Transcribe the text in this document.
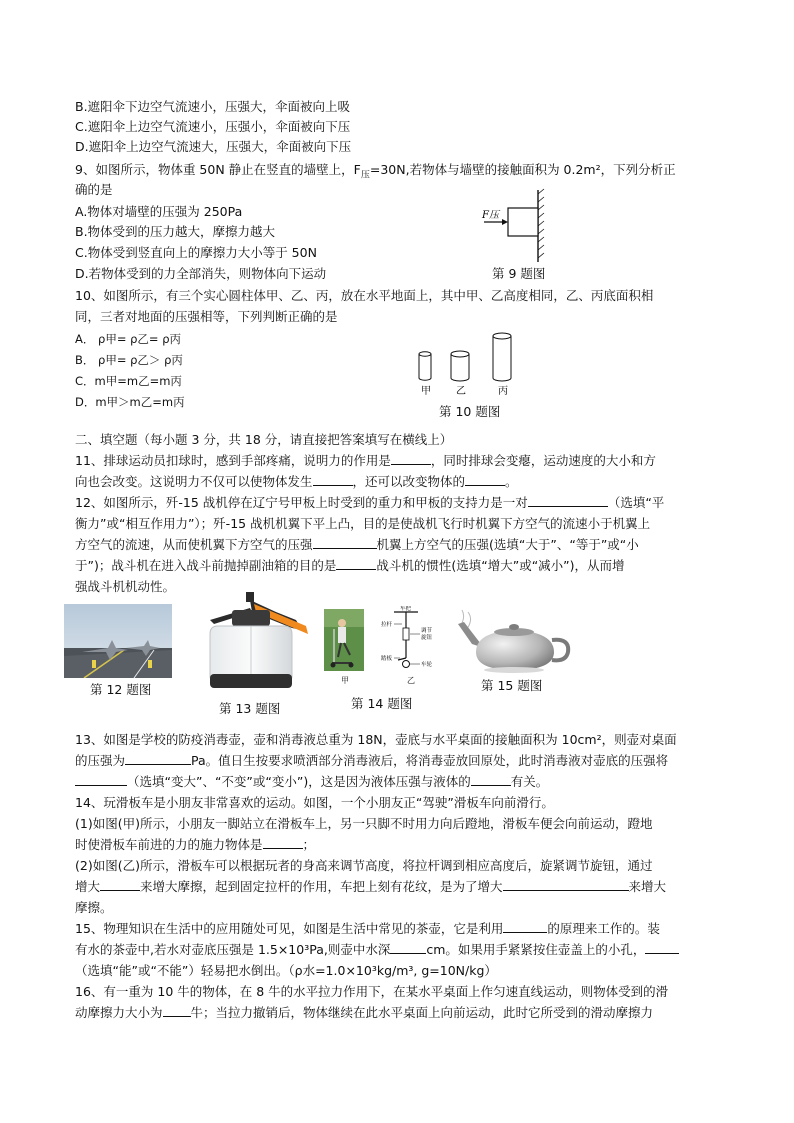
B.遮阳伞下边空气流速小，压强大，伞面被向上吸
C.遮阳伞上边空气流速小，压强小，伞面被向下压
D.遮阳伞上边空气流速大，压强大，伞面被向下压
9、如图所示，物体重 50N 静止在竖直的墙壁上，$F_压=30N$,若物体与墙壁的接触面积为 0.2m²，下列分析正
确的是
A.物体对墙壁的压强为 250Pa
B.物体受到的压力越大，摩擦力越大
C.物体受到竖直向上的摩擦力大小等于 50N
D.若物体受到的力全部消失，则物体向下运动
F压
第 9 题图
10、如图所示，有三个实心圆柱体甲、乙、丙，放在水平地面上，其中甲、乙高度相同，乙、丙底面积相
同，三者对地面的压强相等，下列判断正确的是
A． ρ甲= ρ乙= ρ丙
B． ρ甲= ρ乙＞ ρ丙
C．m甲=m乙=m丙
D．m甲＞m乙=m丙
甲	乙	丙
第 10 题图
二、填空题（每小题 3 分，共 18 分，请直接把答案填写在横线上）
11、排球运动员扣球时，感到手部疼痛，说明力的作用是	，同时排球会变瘪，运动速度的大小和方
向也会改变。这说明力不仅可以使物体发生	，还可以改变物体的	。
12、如图所示，歼-15 战机停在辽宁号甲板上时受到的重力和甲板的支持力是一对	（选填“平
衡力”或“相互作用力”）；歼-15 战机机翼下平上凸，目的是使战机飞行时机翼下方空气的流速小于机翼上
方空气的流速，从而使机翼下方空气的压强	机翼上方空气的压强(选填“大于”、“等于”或“小
于”)；战斗机在进入战斗前抛掉副油箱的目的是	战斗机的惯性(选填“增大”或“减小”)，从而增
强战斗机机动性。
第 12 题图
第 13 题图
甲
车把
拉杆
调节
旋钮
踏板
车轮
乙
第 14 题图
第 15 题图
13、如图是学校的防疫消毒壶，壶和消毒液总重为 18N，壶底与水平桌面的接触面积为 10cm²，则壶对桌面
的压强为	Pa。值日生按要求喷洒部分消毒液后，将消毒壶放回原处，此时消毒液对壶底的压强将
（选填“变大”、“不变”或“变小”)，这是因为液体压强与液体的	有关。
14、玩滑板车是小朋友非常喜欢的运动。如图，一个小朋友正“驾驶”滑板车向前滑行。
(1)如图(甲)所示，小朋友一脚站立在滑板车上，另一只脚不时用力向后蹬地，滑板车便会向前运动，蹬地
时使滑板车前进的力的施力物体是	；
(2)如图(乙)所示，滑板车可以根据玩者的身高来调节高度，将拉杆调到相应高度后，旋紧调节旋钮，通过
增大	来增大摩擦，起到固定拉杆的作用，车把上刻有花纹，是为了增大	来增大
摩擦。
15、物理知识在生活中的应用随处可见，如图是生活中常见的茶壶，它是利用	的原理来工作的。装
有水的茶壶中,若水对壶底压强是 1.5×10³Pa,则壶中水深	cm。如果用手紧紧按住壶盖上的小孔，
（选填“能”或“不能”）轻易把水倒出。（ρ水=1.0×10³kg/m³, g=10N/kg）
16、有一重为 10 牛的物体，在 8 牛的水平拉力作用下，在某水平桌面上作匀速直线运动，则物体受到的滑
动摩擦力大小为 牛；当拉力撤销后，物体继续在此水平桌面上向前运动，此时它所受到的滑动摩擦力
